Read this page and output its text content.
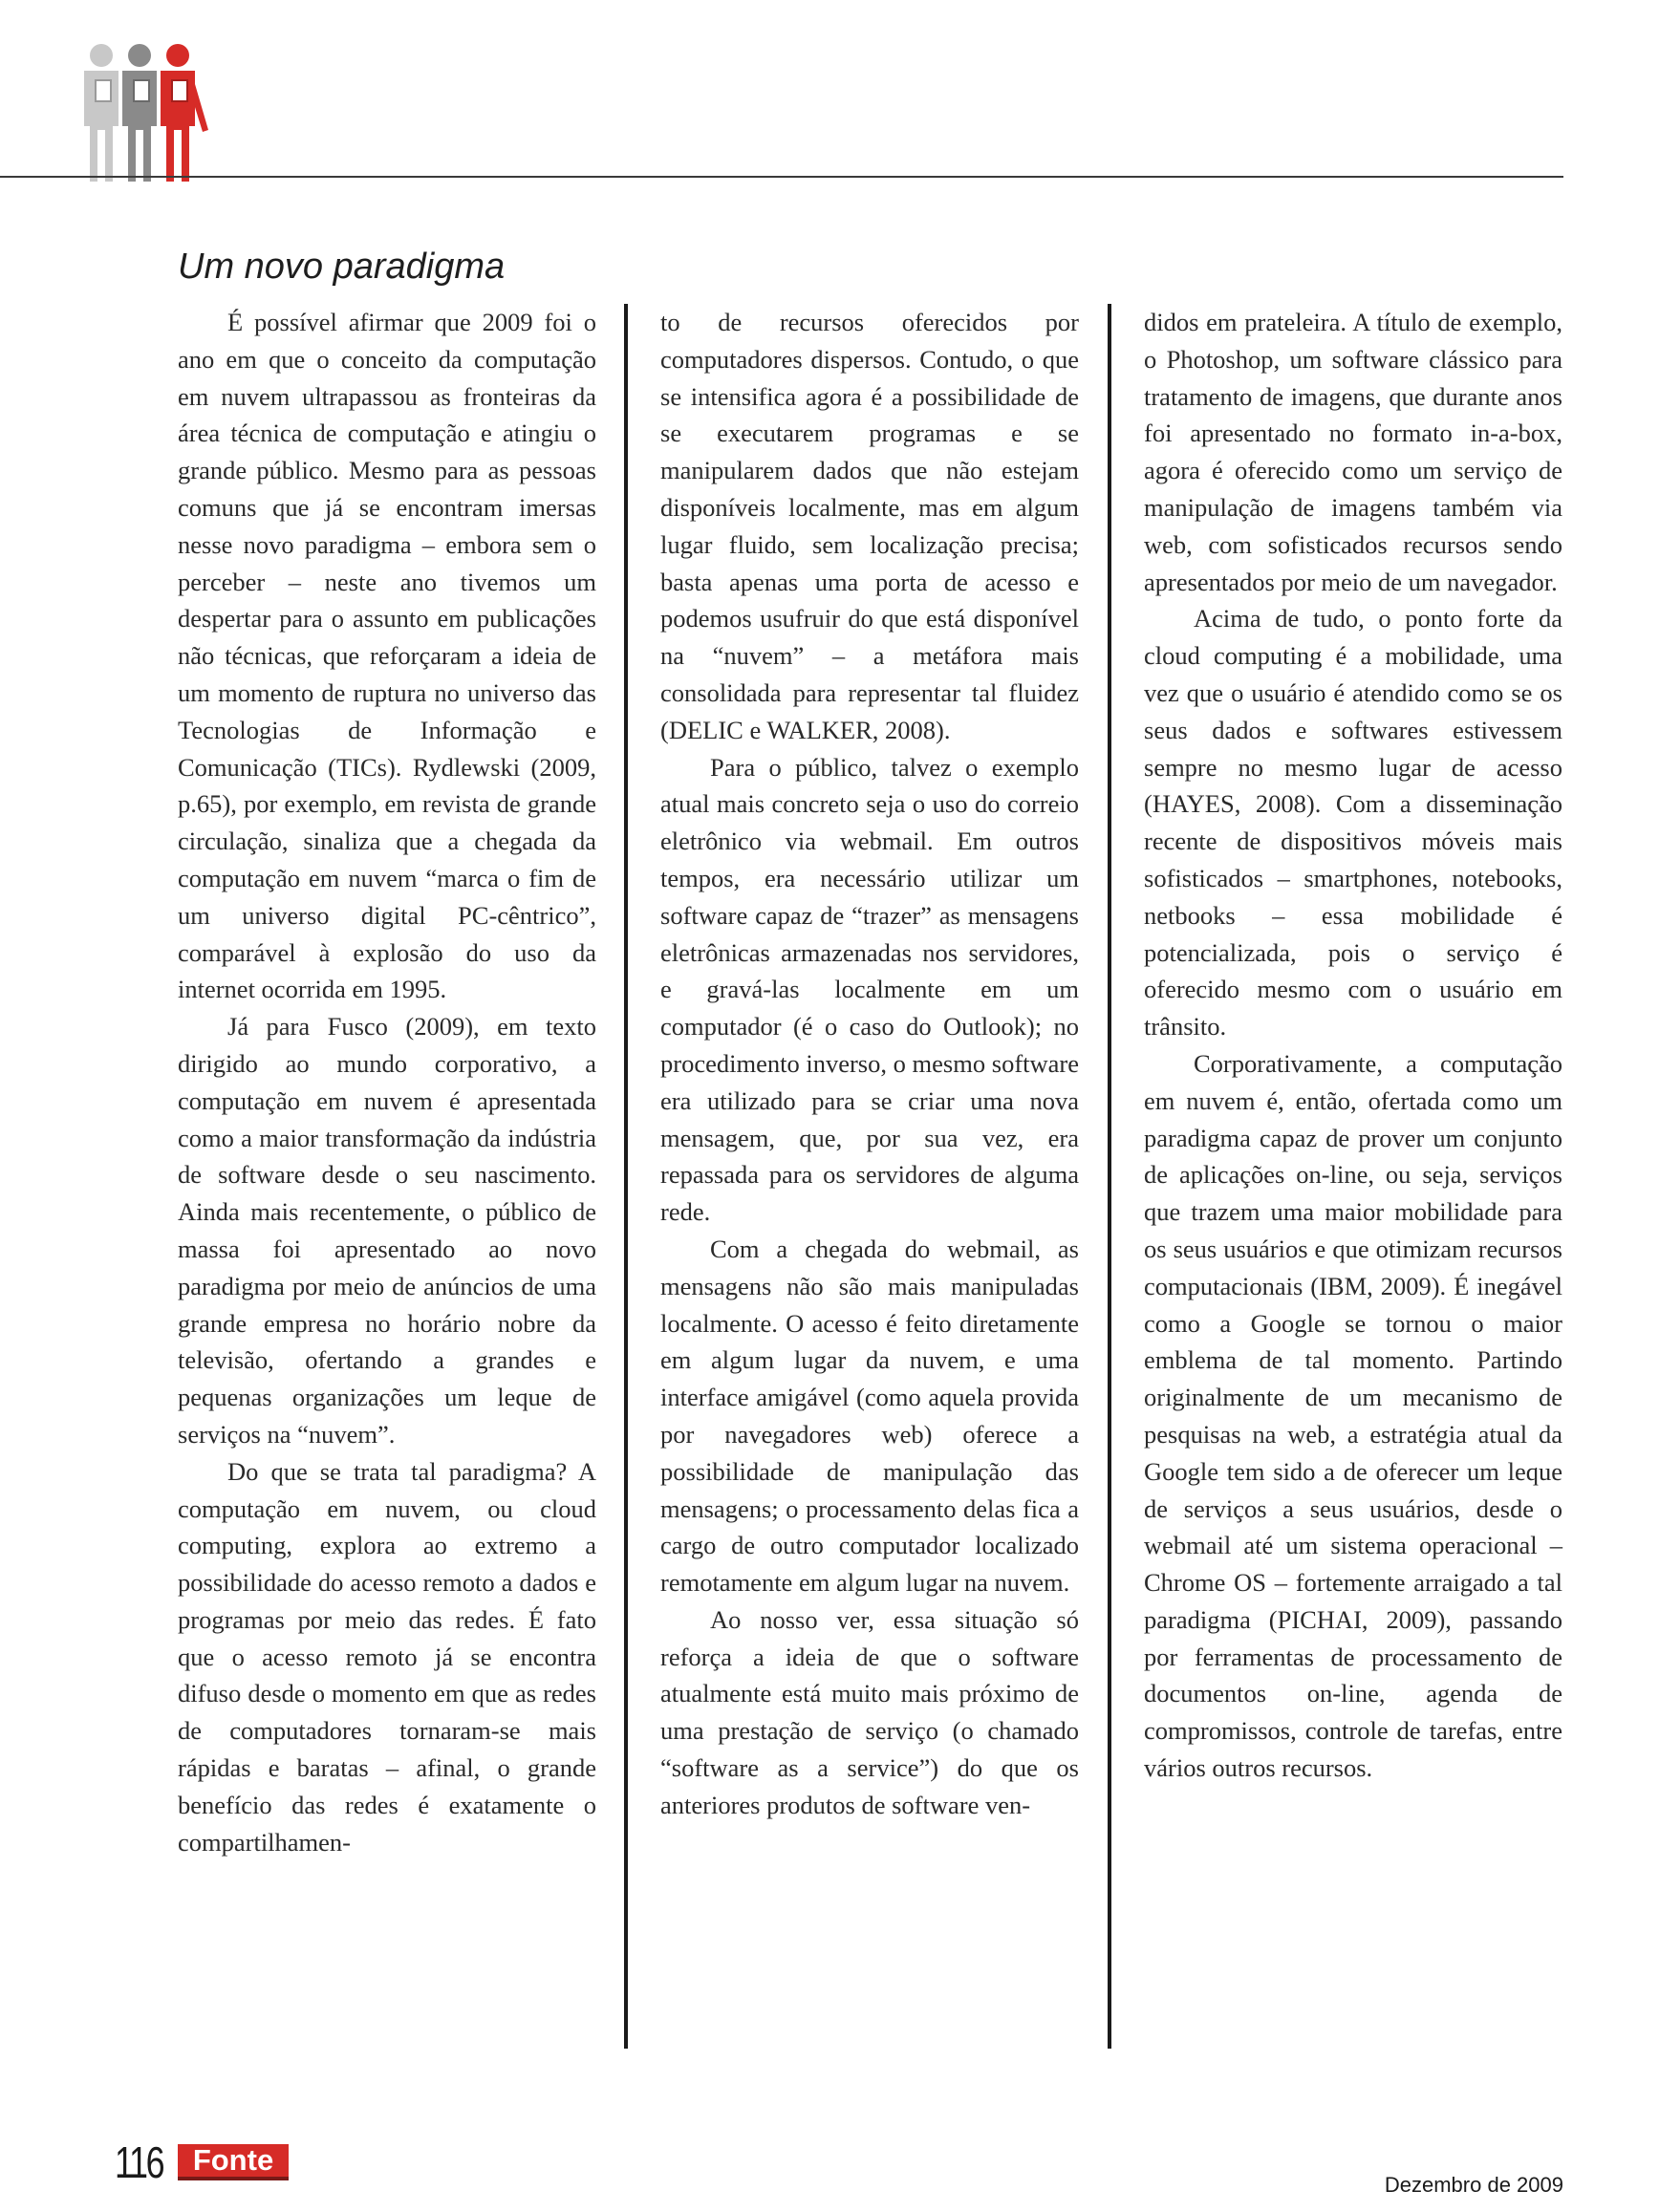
Um novo paradigma

É possível afirmar que 2009 foi o ano em que o conceito da computação em nuvem ultrapassou as fronteiras da área técnica de computação e atingiu o grande público. Mesmo para as pessoas comuns que já se encontram imersas nesse novo paradigma – embora sem o perceber – neste ano tivemos um despertar para o assunto em publicações não técnicas, que reforçaram a ideia de um momento de ruptura no universo das Tecnologias de Informação e Comunicação (TICs). Rydlewski (2009, p.65), por exemplo, em revista de grande circulação, sinaliza que a chegada da computação em nuvem “marca o fim de um universo digital PC-cêntrico”, comparável à explosão do uso da internet ocorrida em 1995.

Já para Fusco (2009), em texto dirigido ao mundo corporativo, a computação em nuvem é apresentada como a maior transformação da indústria de software desde o seu nascimento. Ainda mais recentemente, o público de massa foi apresentado ao novo paradigma por meio de anúncios de uma grande empresa no horário nobre da televisão, ofertando a grandes e pequenas organizações um leque de serviços na “nuvem”.

Do que se trata tal paradigma? A computação em nuvem, ou cloud computing, explora ao extremo a possibilidade do acesso remoto a dados e programas por meio das redes. É fato que o acesso remoto já se encontra difuso desde o momento em que as redes de computadores tornaram-se mais rápidas e baratas – afinal, o grande benefício das redes é exatamente o compartilhamen-

to de recursos oferecidos por computadores dispersos. Contudo, o que se intensifica agora é a possibilidade de se executarem programas e se manipularem dados que não estejam disponíveis localmente, mas em algum lugar fluido, sem localização precisa; basta apenas uma porta de acesso e podemos usufruir do que está disponível na “nuvem” – a metáfora mais consolidada para representar tal fluidez (DELIC e WALKER, 2008).

Para o público, talvez o exemplo atual mais concreto seja o uso do correio eletrônico via webmail. Em outros tempos, era necessário utilizar um software capaz de “trazer” as mensagens eletrônicas armazenadas nos servidores, e gravá-las localmente em um computador (é o caso do Outlook); no procedimento inverso, o mesmo software era utilizado para se criar uma nova mensagem, que, por sua vez, era repassada para os servidores de alguma rede.

Com a chegada do webmail, as mensagens não são mais manipuladas localmente. O acesso é feito diretamente em algum lugar da nuvem, e uma interface amigável (como aquela provida por navegadores web) oferece a possibilidade de manipulação das mensagens; o processamento delas fica a cargo de outro computador localizado remotamente em algum lugar na nuvem.

Ao nosso ver, essa situação só reforça a ideia de que o software atualmente está muito mais próximo de uma prestação de serviço (o chamado “software as a service”) do que os anteriores produtos de software ven-

didos em prateleira. A título de exemplo, o Photoshop, um software clássico para tratamento de imagens, que durante anos foi apresentado no formato in-a-box, agora é oferecido como um serviço de manipulação de imagens também via web, com sofisticados recursos sendo apresentados por meio de um navegador.

Acima de tudo, o ponto forte da cloud computing é a mobilidade, uma vez que o usuário é atendido como se os seus dados e softwares estivessem sempre no mesmo lugar de acesso (HAYES, 2008). Com a disseminação recente de dispositivos móveis mais sofisticados – smartphones, notebooks, netbooks – essa mobilidade é potencializada, pois o serviço é oferecido mesmo com o usuário em trânsito.

Corporativamente, a computação em nuvem é, então, ofertada como um paradigma capaz de prover um conjunto de aplicações on-line, ou seja, serviços que trazem uma maior mobilidade para os seus usuários e que otimizam recursos computacionais (IBM, 2009). É inegável como a Google se tornou o maior emblema de tal momento. Partindo originalmente de um mecanismo de pesquisas na web, a estratégia atual da Google tem sido a de oferecer um leque de serviços a seus usuários, desde o webmail até um sistema operacional – Chrome OS – fortemente arraigado a tal paradigma (PICHAI, 2009), passando por ferramentas de processamento de documentos on-line, agenda de compromissos, controle de tarefas, entre vários outros recursos.

116	Fonte
Dezembro de 2009
